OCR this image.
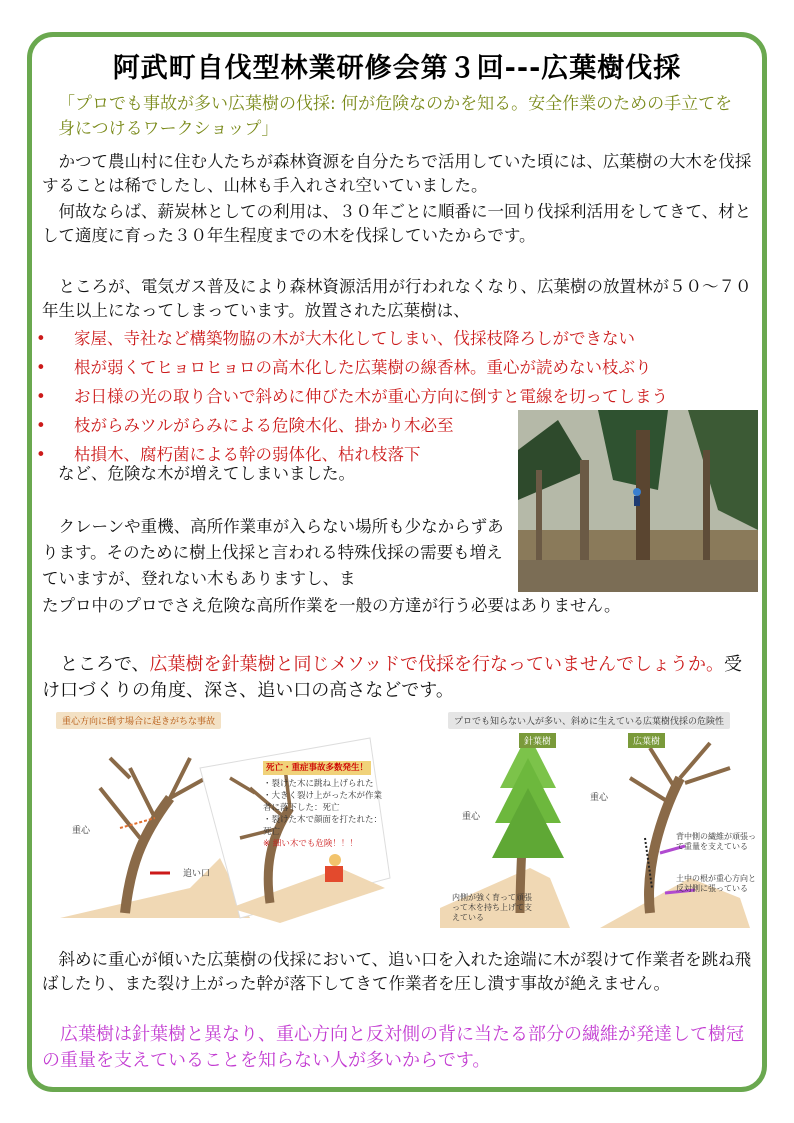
阿武町自伐型林業研修会第３回---広葉樹伐採
「プロでも事故が多い広葉樹の伐採: 何が危険なのかを知る。安全作業のための手立てを身につけるワークショップ」
かつて農山村に住む人たちが森林資源を自分たちで活用していた頃には、広葉樹の大木を伐採することは稀でしたし、山林も手入れされ空いていました。
何故ならば、薪炭林としての利用は、３０年ごとに順番に一回り伐採利活用をしてきて、材として適度に育った３０年生程度までの木を伐採していたからです。
ところが、電気ガス普及により森林資源活用が行われなくなり、広葉樹の放置林が５０～７０年生以上になってしまっています。放置された広葉樹は、
• 家屋、寺社など構築物脇の木が大木化してしまい、伐採枝降ろしができない
• 根が弱くてヒョロヒョロの高木化した広葉樹の線香林。重心が読めない枝ぶり
• お日様の光の取り合いで斜めに伸びた木が重心方向に倒すと電線を切ってしまう
• 枝がらみツルがらみによる危険木化、掛かり木必至
• 枯損木、腐朽菌による幹の弱体化、枯れ枝落下
など、危険な木が増えてしまいました。
クレーンや重機、高所作業車が入らない場所も少なからずあります。そのために樹上伐採と言われる特殊伐採の需要も増えていますが、登れない木もありますし、ま
たプロ中のプロでさえ危険な高所作業を一般の方達が行う必要はありません。
ところで、広葉樹を針葉樹と同じメソッドで伐採を行なっていませんでしょうか。受け口づくりの角度、深さ、追い口の高さなどです。
重心方向に倒す場合に起きがちな事故
重心
追い口
死亡・重症事故多数発生！
・裂けた木に跳ね上げられた
・大きく裂け上がった木が作業者に落下した：死亡
・裂けた木で顔面を打たれた：死亡
※ 細い木でも危険！！！
プロでも知らない人が多い、斜めに生えている広葉樹伐採の危険性
針葉樹	広葉樹
重心
重心
背中側の繊維が頑張って重量を支えている
土中の根が重心方向と反対側に張っている
内側が強く育って頑張って木を持ち上げて支えている
斜めに重心が傾いた広葉樹の伐採において、追い口を入れた途端に木が裂けて作業者を跳ね飛ばしたり、また裂け上がった幹が落下してきて作業者を圧し潰す事故が絶えません。
広葉樹は針葉樹と異なり、重心方向と反対側の背に当たる部分の繊維が発達して樹冠の重量を支えていることを知らない人が多いからです。
